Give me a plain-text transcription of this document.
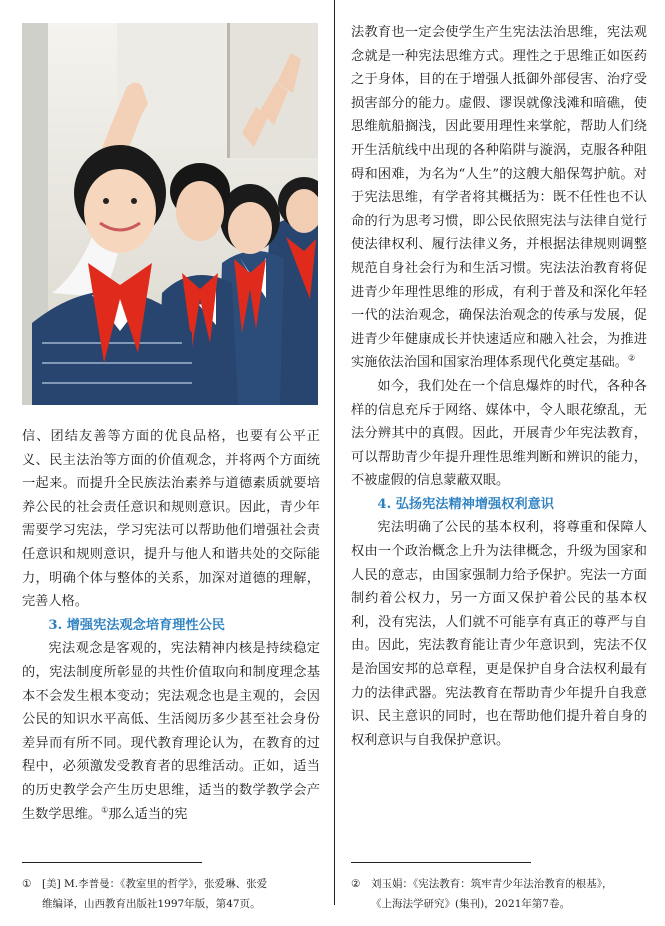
信、团结友善等方面的优良品格，也要有公平正义、民主法治等方面的价值观念，并将两个方面统一起来。而提升全民族法治素养与道德素质就要培养公民的社会责任意识和规则意识。因此，青少年需要学习宪法，学习宪法可以帮助他们增强社会责任意识和规则意识，提升与他人和谐共处的交际能力，明确个体与整体的关系，加深对道德的理解，完善人格。

3. 增强宪法观念培育理性公民

宪法观念是客观的，宪法精神内核是持续稳定的，宪法制度所彰显的共性价值取向和制度理念基本不会发生根本变动；宪法观念也是主观的，会因公民的知识水平高低、生活阅历多少甚至社会身份差异而有所不同。现代教育理论认为，在教育的过程中，必须激发受教育者的思维活动。正如，适当的历史教学会产生历史思维，适当的数学教学会产生数学思维。①那么适当的宪

法教育也一定会使学生产生宪法法治思维，宪法观念就是一种宪法思维方式。理性之于思维正如医药之于身体，目的在于增强人抵御外部侵害、治疗受损害部分的能力。虚假、谬误就像浅滩和暗礁，使思维航船搁浅，因此要用理性来掌舵，帮助人们绕开生活航线中出现的各种陷阱与漩涡，克服各种阻碍和困难，为名为“人生”的这艘大船保驾护航。对于宪法思维，有学者将其概括为：既不任性也不认命的行为思考习惯，即公民依照宪法与法律自觉行使法律权利、履行法律义务，并根据法律规则调整规范自身社会行为和生活习惯。宪法法治教育将促进青少年理性思维的形成，有利于普及和深化年轻一代的法治观念，确保法治观念的传承与发展，促进青少年健康成长并快速适应和融入社会，为推进实施依法治国和国家治理体系现代化奠定基础。②

如今，我们处在一个信息爆炸的时代，各种各样的信息充斥于网络、媒体中，令人眼花缭乱，无法分辨其中的真假。因此，开展青少年宪法教育，可以帮助青少年提升理性思维判断和辨识的能力，不被虚假的信息蒙蔽双眼。

4. 弘扬宪法精神增强权利意识

宪法明确了公民的基本权利，将尊重和保障人权由一个政治概念上升为法律概念，升级为国家和人民的意志，由国家强制力给予保护。宪法一方面制约着公权力，另一方面又保护着公民的基本权利，没有宪法，人们就不可能享有真正的尊严与自由。因此，宪法教育能让青少年意识到，宪法不仅是治国安邦的总章程，更是保护自身合法权利最有力的法律武器。宪法教育在帮助青少年提升自我意识、民主意识的同时，也在帮助他们提升着自身的权利意识与自我保护意识。

① [美] M.李普曼：《教室里的哲学》，张爱琳、张爱
维编译，山西教育出版社1997年版，第47页。
② 刘玉娟：《宪法教育：筑牢青少年法治教育的根基》，
《上海法学研究》(集刊)，2021年第7卷。
